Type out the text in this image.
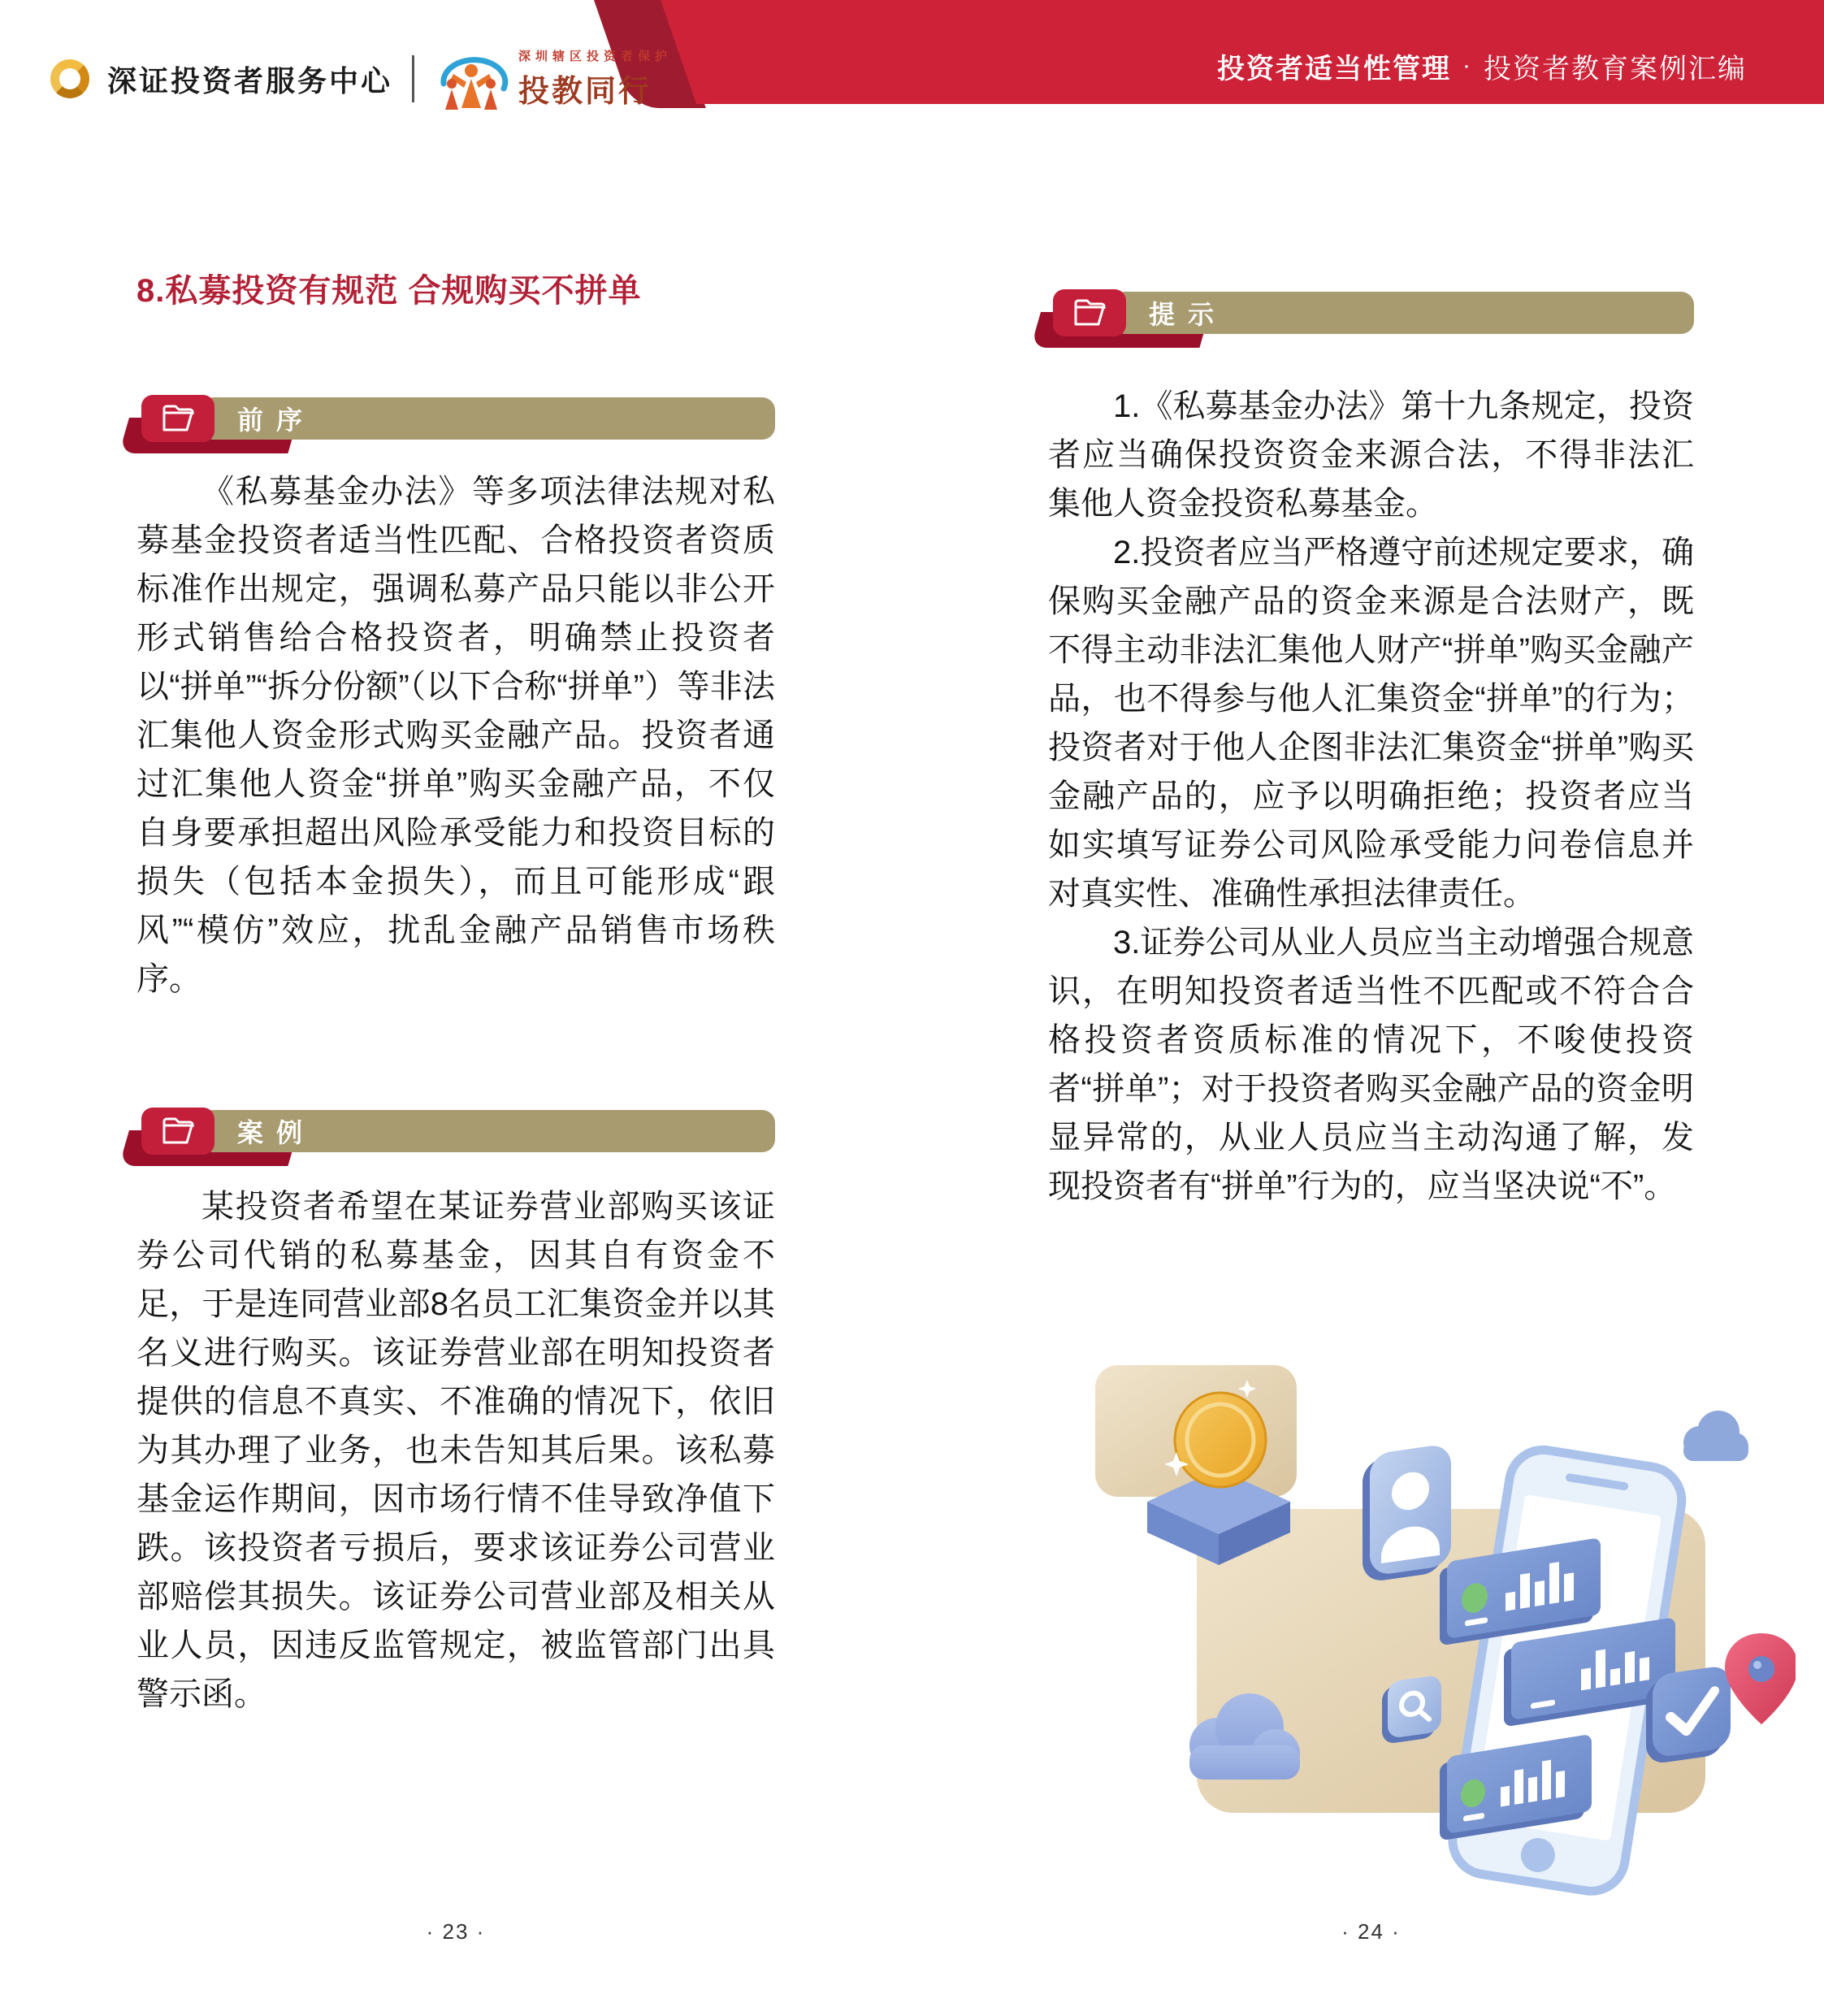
投资者适当性管理 · 投资者教育案例汇编
深证投资者服务中心
深圳辖区投资者保护
投教同行
8.私募投资有规范 合规购买不拼单
前序

《私募基金办法》等多项法律法规对私募基金投资者适当性匹配、合格投资者资质标准作出规定，强调私募产品只能以非公开形式销售给合格投资者，明确禁止投资者以“拼单”“拆分份额”（以下合称“拼单”）等非法汇集他人资金形式购买金融产品。投资者通过汇集他人资金“拼单”购买金融产品，不仅自身要承担超出风险承受能力和投资目标的损失（包括本金损失），而且可能形成“跟风”“模仿”效应，扰乱金融产品销售市场秩序。

案例

某投资者希望在某证券营业部购买该证券公司代销的私募基金，因其自有资金不足，于是连同营业部8名员工汇集资金并以其名义进行购买。该证券营业部在明知投资者提供的信息不真实、不准确的情况下，依旧为其办理了业务，也未告知其后果。该私募基金运作期间，因市场行情不佳导致净值下跌。该投资者亏损后，要求该证券公司营业部赔偿其损失。该证券公司营业部及相关从业人员，因违反监管规定，被监管部门出具警示函。

· 23 ·
提示

1.《私募基金办法》第十九条规定，投资者应当确保投资资金来源合法，不得非法汇集他人资金投资私募基金。

2.投资者应当严格遵守前述规定要求，确保购买金融产品的资金来源是合法财产，既不得主动非法汇集他人财产“拼单”购买金融产品，也不得参与他人汇集资金“拼单”的行为；投资者对于他人企图非法汇集资金“拼单”购买金融产品的，应予以明确拒绝；投资者应当如实填写证券公司风险承受能力问卷信息并对真实性、准确性承担法律责任。

3.证券公司从业人员应当主动增强合规意识，在明知投资者适当性不匹配或不符合合格投资者资质标准的情况下，不唆使投资者“拼单”；对于投资者购买金融产品的资金明显异常的，从业人员应当主动沟通了解，发现投资者有“拼单”行为的，应当坚决说“不”。

· 24 ·
